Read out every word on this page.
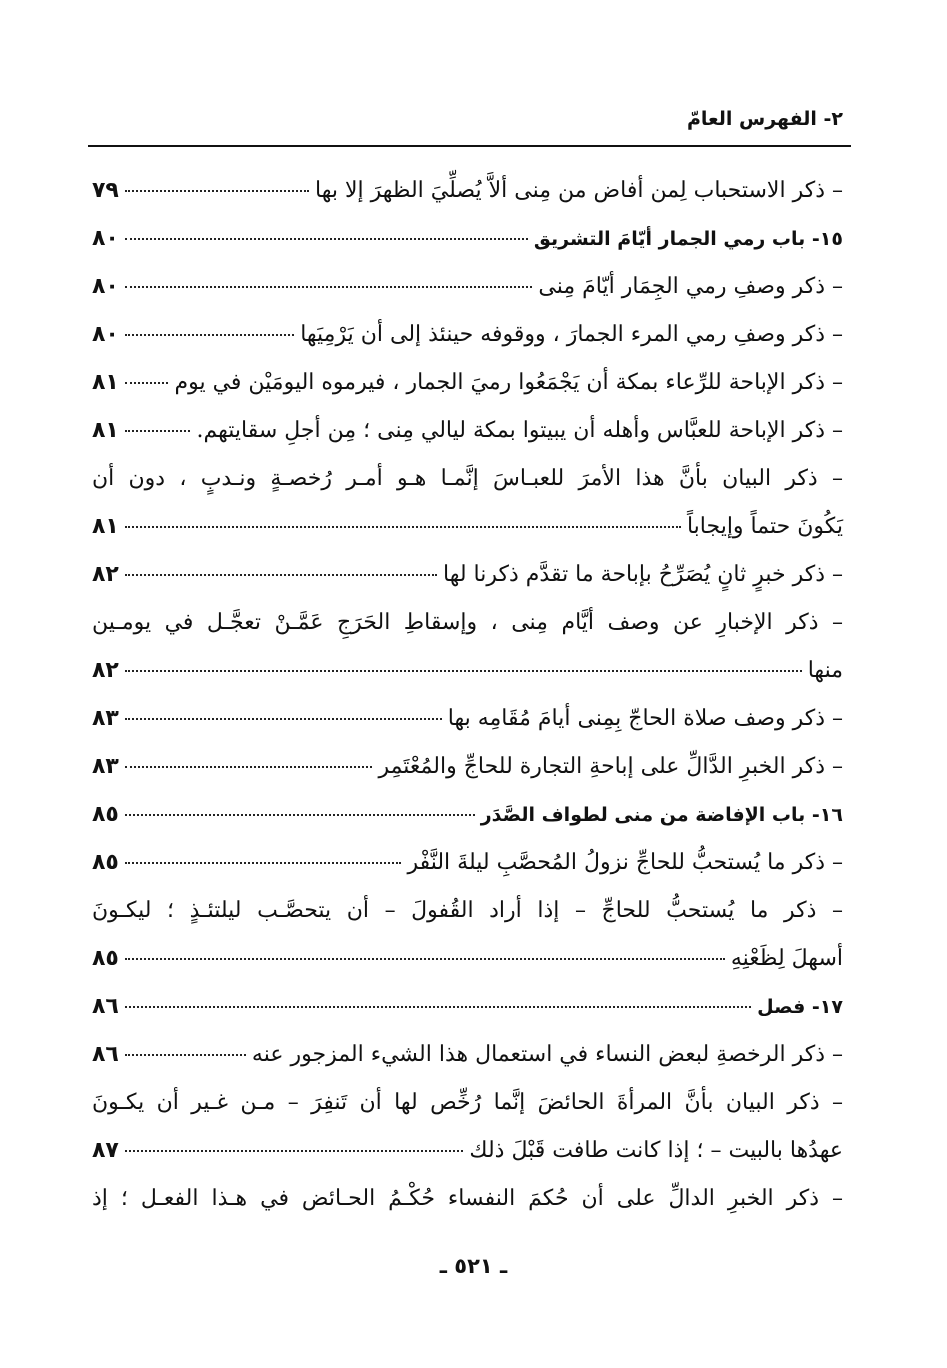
٢- الفهرس العامّ
– ذكر الاستحباب لِمن أفاض من مِنى ألاَّ يُصلِّيَ الظهرَ إلا بها
٧٩
١٥- باب رمي الجمار أيّامَ التشريق
٨٠
– ذكر وصفِ رمي الجِمَار أيّامَ مِنى
٨٠
– ذكر وصفِ رمي المرء الجمارَ ، ووقوفه حينئذ إلى أن يَرْمِيَها
٨٠
– ذكر الإباحة للرِّعاء بمكة أن يَجْمَعُوا رميَ الجمار ، فيرموه اليومَيْن في يوم
٨١
– ذكر الإباحة للعبَّاس وأهله أن يبيتوا بمكة ليالي مِنى ؛ مِن أجلِ سقايتهم.
٨١
– ذكر البيان بأنَّ هذا الأمرَ للعبـاسَ إنَّمـا هـو أمـر رُخصـةٍ ونـدبٍ ، دون أن
يَكُونَ حتماً وإيجاباً
٨١
– ذكر خبرٍ ثانٍ يُصَرِّحُ بإباحة ما تقدَّم ذكرنا لها
٨٢
– ذكر الإخبارِ عن وصف أيَّام مِنى ، وإسقاطِ الحَرَجِ عَمَّـنْ تعجَّـل في يومـين
منها
٨٢
– ذكر وصف صلاة الحاجّ بِمِنى أيامَ مُقَامِه بها
٨٣
– ذكر الخبرِ الدَّالِّ على إباحةِ التجارة للحاجِّ والمُعْتَمِر
٨٣
١٦- باب الإفاضة من منى لطواف الصَّدَر
٨٥
– ذكر ما يُستحبُّ للحاجِّ نزولُ المُحصَّبِ ليلةَ النَّفْر
٨٥
– ذكر ما يُستحبُّ للحاجِّ – إذا أراد القُفولَ – أن يتحصَّـب ليلتئـذٍ ؛ ليكـونَ
أسهلَ لِظَعْنِهِ
٨٥
١٧- فصل
٨٦
– ذكر الرخصةِ لبعض النساء في استعمال هذا الشيء المزجور عنه
٨٦
– ذكر البيان بأنَّ المرأةَ الحائضَ إنَّما رُخِّص لها أن تَنفِرَ – مـن غـير أن يكـونَ
عهدُها بالبيت – ؛ إذا كانت طافت قَبْلَ ذلك
٨٧
– ذكر الخبرِ الدالِّ على أن حُكمَ النفساء حُكْـمُ الحـائض في هـذا الفعـل ؛ إذ
ـ ٥٢١ ـ
